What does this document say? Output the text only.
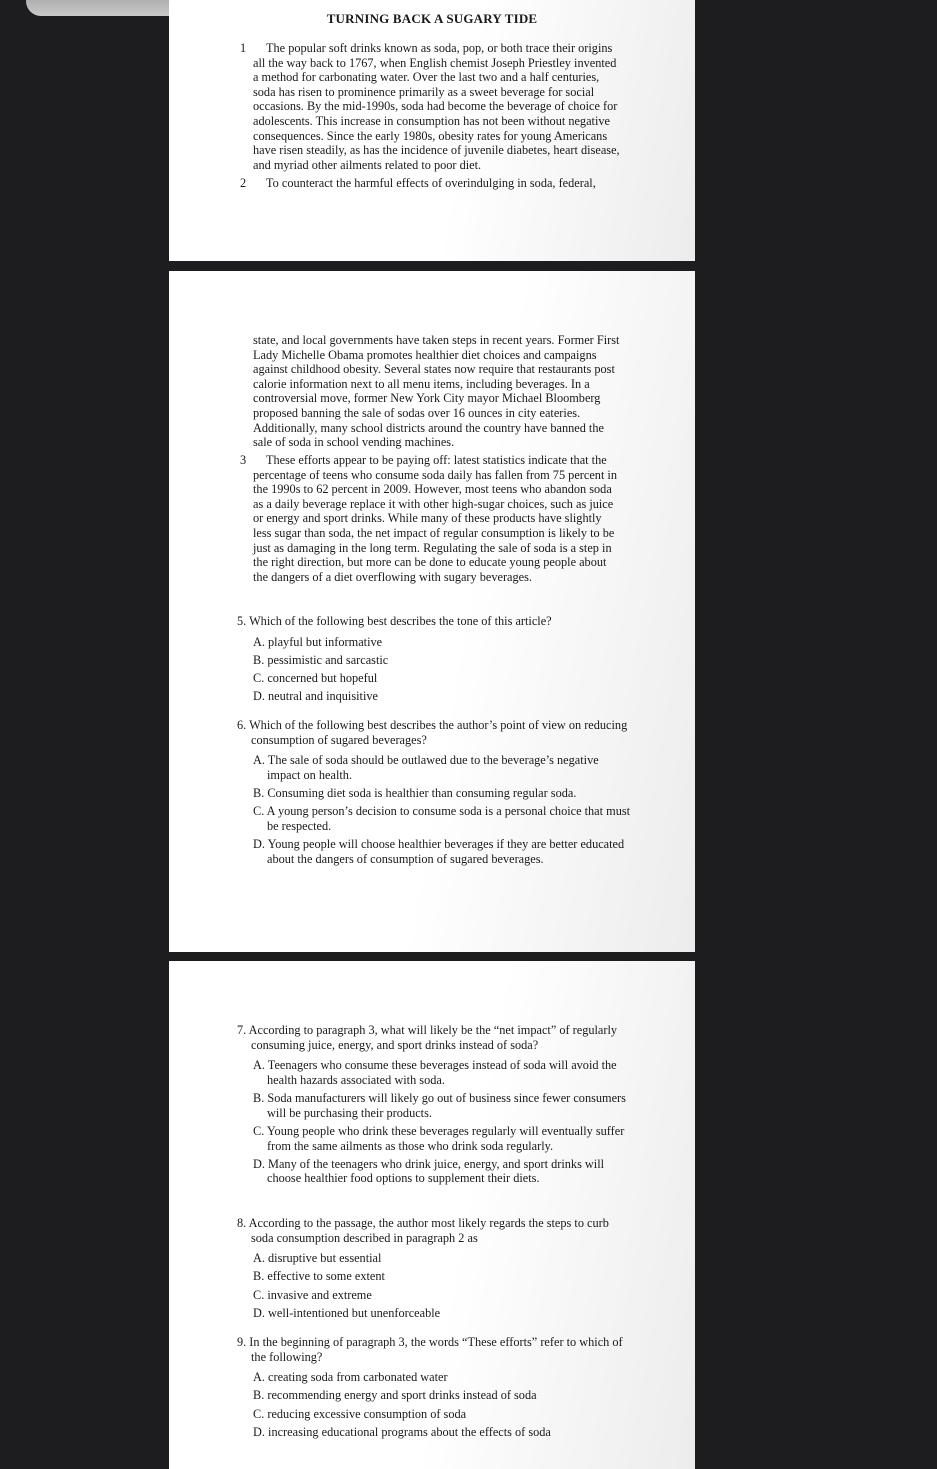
TURNING BACK A SUGARY TIDE
1 The popular soft drinks known as soda, pop, or both trace their origins all the way back to 1767, when English chemist Joseph Priestley invented a method for carbonating water. Over the last two and a half centuries, soda has risen to prominence primarily as a sweet beverage for social occasions. By the mid-1990s, soda had become the beverage of choice for adolescents. This increase in consumption has not been without negative consequences. Since the early 1980s, obesity rates for young Americans have risen steadily, as has the incidence of juvenile diabetes, heart disease, and myriad other ailments related to poor diet.
2 To counteract the harmful effects of overindulging in soda, federal,
state, and local governments have taken steps in recent years. Former First Lady Michelle Obama promotes healthier diet choices and campaigns against childhood obesity. Several states now require that restaurants post calorie information next to all menu items, including beverages. In a controversial move, former New York City mayor Michael Bloomberg proposed banning the sale of sodas over 16 ounces in city eateries. Additionally, many school districts around the country have banned the sale of soda in school vending machines.
3 These efforts appear to be paying off: latest statistics indicate that the percentage of teens who consume soda daily has fallen from 75 percent in the 1990s to 62 percent in 2009. However, most teens who abandon soda as a daily beverage replace it with other high-sugar choices, such as juice or energy and sport drinks. While many of these products have slightly less sugar than soda, the net impact of regular consumption is likely to be just as damaging in the long term. Regulating the sale of soda is a step in the right direction, but more can be done to educate young people about the dangers of a diet overflowing with sugary beverages.
5. Which of the following best describes the tone of this article?
A. playful but informative
B. pessimistic and sarcastic
C. concerned but hopeful
D. neutral and inquisitive
6. Which of the following best describes the author’s point of view on reducing consumption of sugared beverages?
A. The sale of soda should be outlawed due to the beverage’s negative impact on health.
B. Consuming diet soda is healthier than consuming regular soda.
C. A young person’s decision to consume soda is a personal choice that must be respected.
D. Young people will choose healthier beverages if they are better educated about the dangers of consumption of sugared beverages.
7. According to paragraph 3, what will likely be the “net impact” of regularly consuming juice, energy, and sport drinks instead of soda?
A. Teenagers who consume these beverages instead of soda will avoid the health hazards associated with soda.
B. Soda manufacturers will likely go out of business since fewer consumers will be purchasing their products.
C. Young people who drink these beverages regularly will eventually suffer from the same ailments as those who drink soda regularly.
D. Many of the teenagers who drink juice, energy, and sport drinks will choose healthier food options to supplement their diets.
8. According to the passage, the author most likely regards the steps to curb soda consumption described in paragraph 2 as
A. disruptive but essential
B. effective to some extent
C. invasive and extreme
D. well-intentioned but unenforceable
9. In the beginning of paragraph 3, the words “These efforts” refer to which of the following?
A. creating soda from carbonated water
B. recommending energy and sport drinks instead of soda
C. reducing excessive consumption of soda
D. increasing educational programs about the effects of soda
